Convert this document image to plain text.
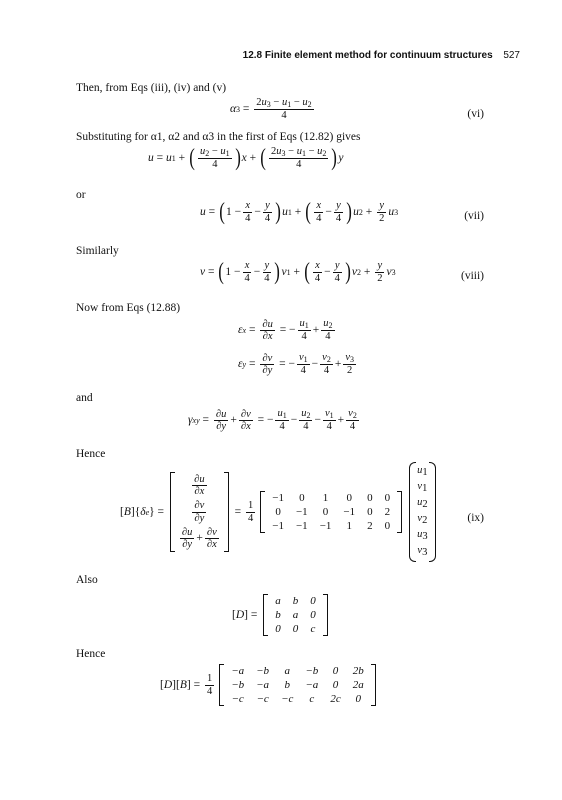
12.8 Finite element method for continuum structures 527
Then, from Eqs (iii), (iv) and (v)
α $3 = \frac{2u_3 - u_1 - u_2}{4}$	(vi)
Substituting for α1, α2 and α3 in the first of Eqs (12.82) gives
u = u 1 + ( $\frac{u_2 - u_1}{4}$ ) x + ( $\frac{2u_3 - u_1 - u_2}{4}$ ) y
or
u = ( $1 - \frac{x}{4} - \frac{y}{4}$ ) u 1 + ( $\frac{x}{4} - \frac{y}{4}$ ) u $2 + \frac{y}{2}$ u 3	(vii)
Similarly
v = ( $1 - \frac{x}{4} - \frac{y}{4}$ ) v 1 + ( $\frac{x}{4} - \frac{y}{4}$ ) v $2 + \frac{y}{2}$ v 3	(viii)
Now from Eqs (12.88)
ε $x = \frac{\partial u}{\partial x}$ = − $\frac{u_1}{4} + \frac{u_2}{4}$
ε $y = \frac{\partial v}{\partial y}$ = − $\frac{v_1}{4} - \frac{v_2}{4} + \frac{v_3}{2}$
and
γ xy = $\frac{\partial u}{\partial y} + \frac{\partial v}{\partial x}$ = − $\frac{u_1}{4} - \frac{u_2}{4} - \frac{v_1}{4} + \frac{v_2}{4}$
Hence
[ B ]{ δ e } =
$\frac{\partial u}{\partial x}$
$\frac{\partial v}{\partial y}$
$\frac{\partial u}{\partial y} + \frac{\partial v}{\partial x}$
= $\frac{1}{4}$
−1	0	1	0	0	0
0	−1	0	−1	0	2
−1	−1	−1	1	2	0
u1
v1
u2
v2
u3
v3
(ix)
Also
[ D ] =
a	b	0
b	a	0
0	0	c
Hence
[ D ][ B ] = $\frac{1}{4}$
−a	−b	a	−b	0	2b
−b	−a	b	−a	0	2a
−c	−c	−c	c	2c	0
